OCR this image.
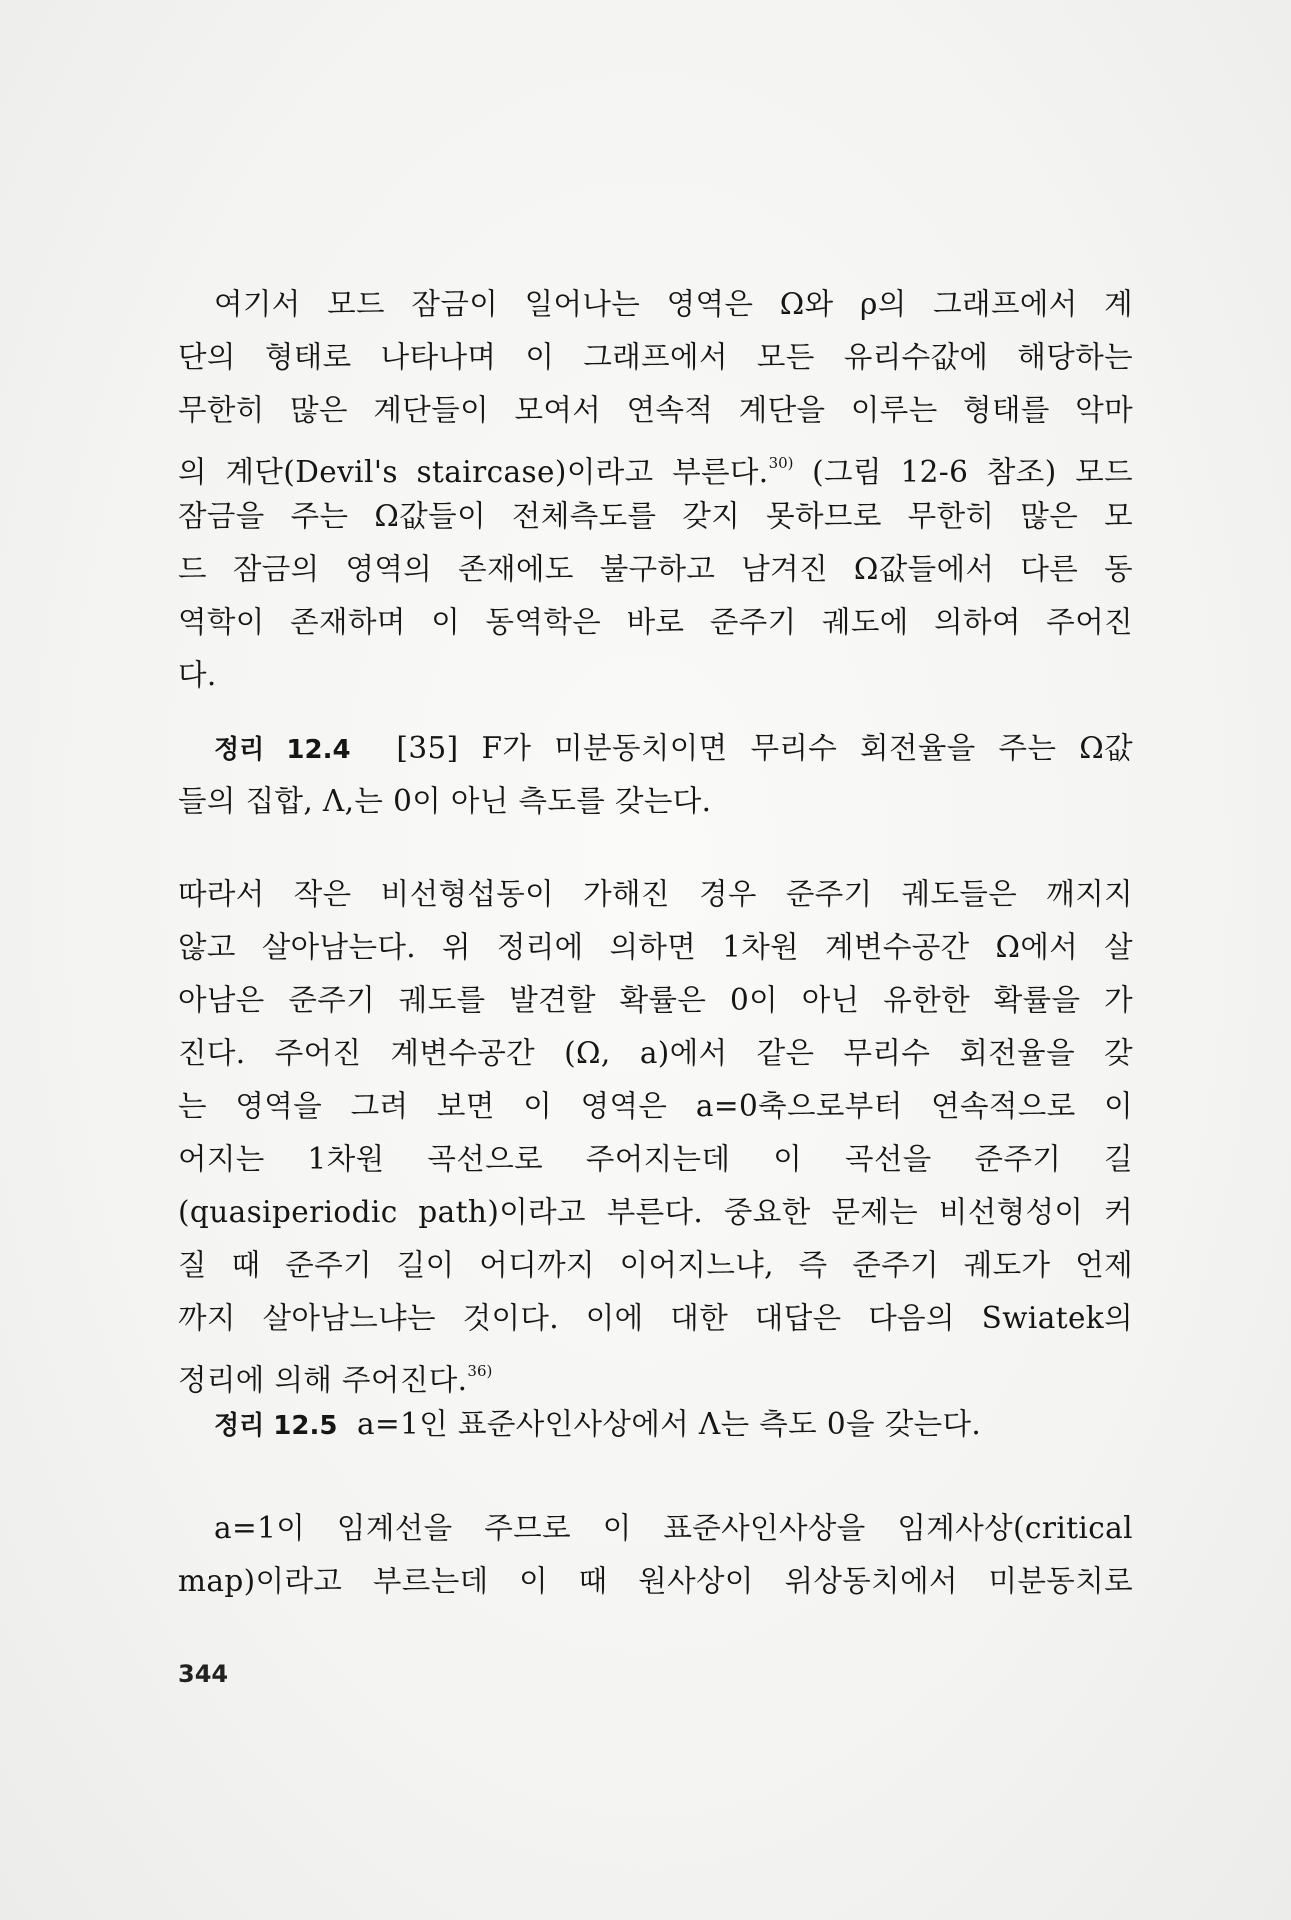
여기서 모드 잠금이 일어나는 영역은 Ω와 ρ의 그래프에서 계
단의 형태로 나타나며 이 그래프에서 모든 유리수값에 해당하는
무한히 많은 계단들이 모여서 연속적 계단을 이루는 형태를 악마
의 계단(Devil's staircase)이라고 부른다.$^{30)}$ (그림 12-6 참조) 모드
잠금을 주는 Ω값들이 전체측도를 갖지 못하므로 무한히 많은 모
드 잠금의 영역의 존재에도 불구하고 남겨진 Ω값들에서 다른 동
역학이 존재하며 이 동역학은 바로 준주기 궤도에 의하여 주어진
다.
정리 12.4 [35] F가 미분동치이면 무리수 회전율을 주는 Ω값
들의 집합, Λ,는 0이 아닌 측도를 갖는다.
따라서 작은 비선형섭동이 가해진 경우 준주기 궤도들은 깨지지
않고 살아남는다. 위 정리에 의하면 1차원 계변수공간 Ω에서 살
아남은 준주기 궤도를 발견할 확률은 0이 아닌 유한한 확률을 가
진다. 주어진 계변수공간 (Ω, a)에서 같은 무리수 회전율을 갖
는 영역을 그려 보면 이 영역은 a=0축으로부터 연속적으로 이
어지는 1차원 곡선으로 주어지는데 이 곡선을 준주기 길
(quasiperiodic path)이라고 부른다. 중요한 문제는 비선형성이 커
질 때 준주기 길이 어디까지 이어지느냐, 즉 준주기 궤도가 언제
까지 살아남느냐는 것이다. 이에 대한 대답은 다음의 Swiatek의
정리에 의해 주어진다.$^{36)}$
정리 12.5 a=1인 표준사인사상에서 Λ는 측도 0을 갖는다.
a=1이 임계선을 주므로 이 표준사인사상을 임계사상(critical
map)이라고 부르는데 이 때 원사상이 위상동치에서 미분동치로
344
